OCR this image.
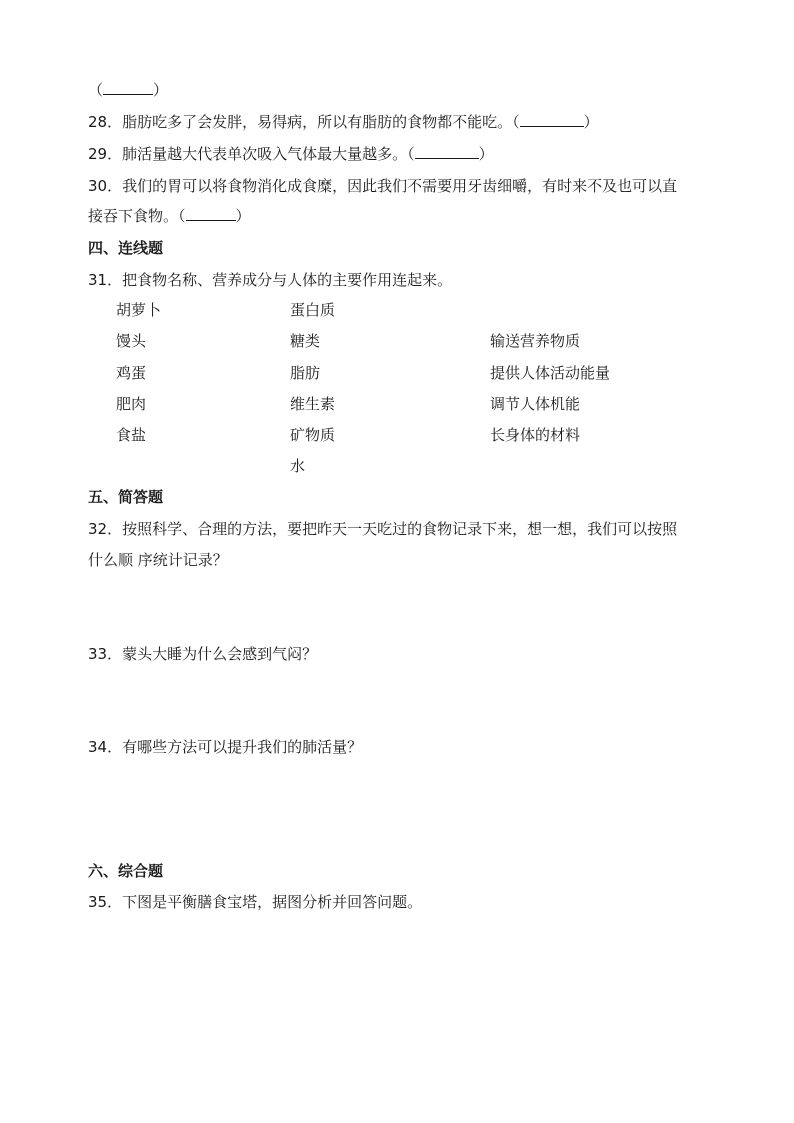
（	）
28．脂肪吃多了会发胖，易得病，所以有脂肪的食物都不能吃。（	）
29．肺活量越大代表单次吸入气体最大量越多。（	）
30．我们的胃可以将食物消化成食糜，因此我们不需要用牙齿细嚼，有时来不及也可以直
接吞下食物。（	）
四、连线题
31．把食物名称、营养成分与人体的主要作用连起来。
胡萝卜
馒头
鸡蛋
肥肉
食盐
蛋白质
糖类
脂肪
维生素
矿物质
水
输送营养物质
提供人体活动能量
调节人体机能
长身体的材料
五、简答题
32．按照科学、合理的方法，要把昨天一天吃过的食物记录下来，想一想，我们可以按照
什么顺 序统计记录？
33．蒙头大睡为什么会感到气闷？
34．有哪些方法可以提升我们的肺活量？
六、综合题
35．下图是平衡膳食宝塔，据图分析并回答问题。
